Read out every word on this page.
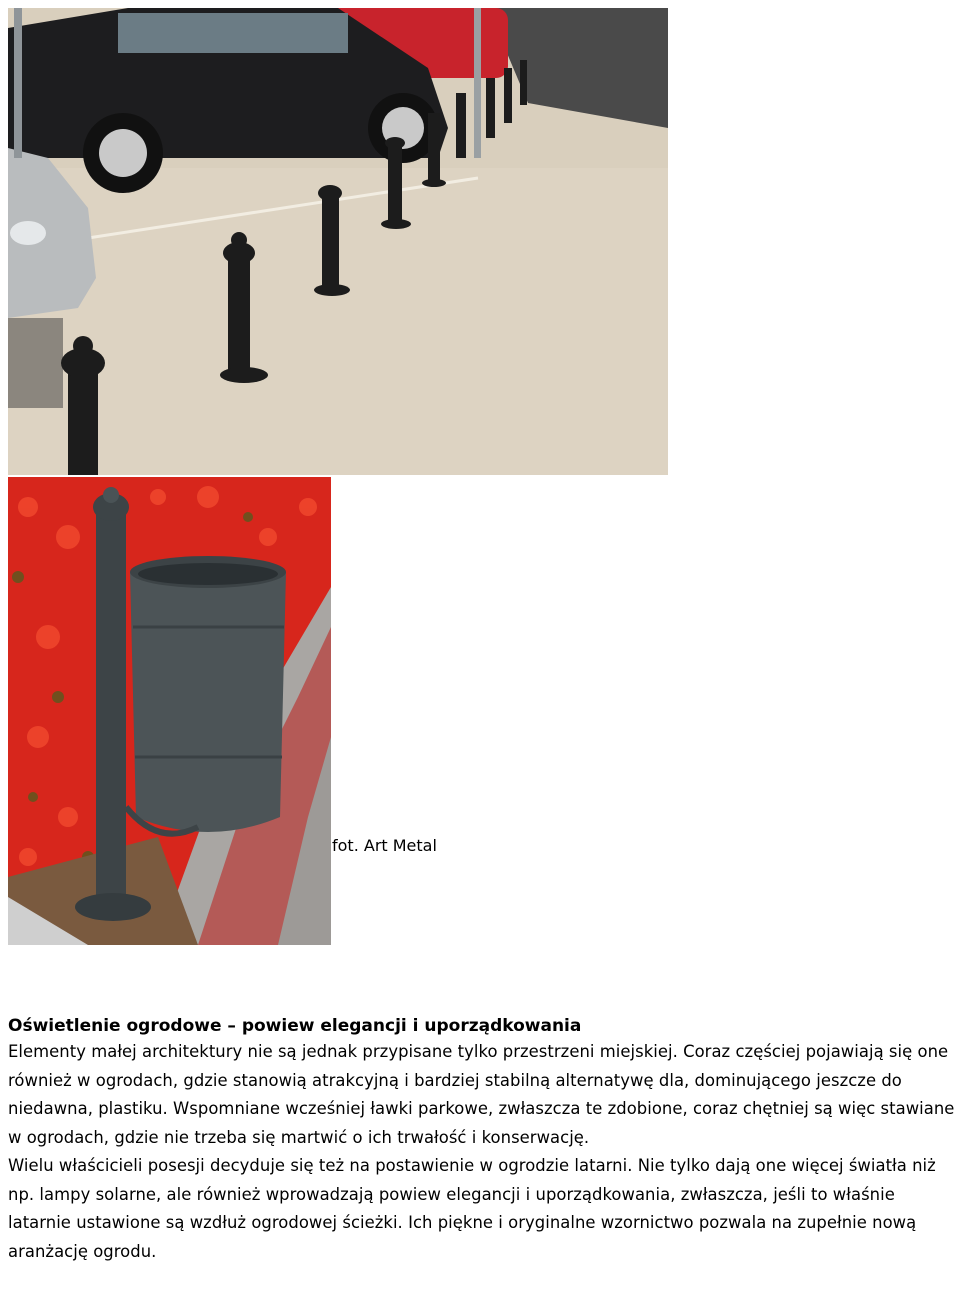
fot. Art Metal

Oświetlenie ogrodowe – powiew elegancji i uporządkowania

Elementy małej architektury nie są jednak przypisane tylko przestrzeni miejskiej. Coraz częściej pojawiają się one również w ogrodach, gdzie stanowią atrakcyjną i bardziej stabilną alternatywę dla, dominującego jeszcze do niedawna, plastiku. Wspomniane wcześniej ławki parkowe, zwłaszcza te zdobione, coraz chętniej są więc stawiane w ogrodach, gdzie nie trzeba się martwić o ich trwałość i konserwację.

Wielu właścicieli posesji decyduje się też na postawienie w ogrodzie latarni. Nie tylko dają one więcej światła niż np. lampy solarne, ale również wprowadzają powiew elegancji i uporządkowania, zwłaszcza, jeśli to właśnie latarnie ustawione są wzdłuż ogrodowej ścieżki. Ich piękne i oryginalne wzornictwo pozwala na zupełnie nową aranżację ogrodu.
